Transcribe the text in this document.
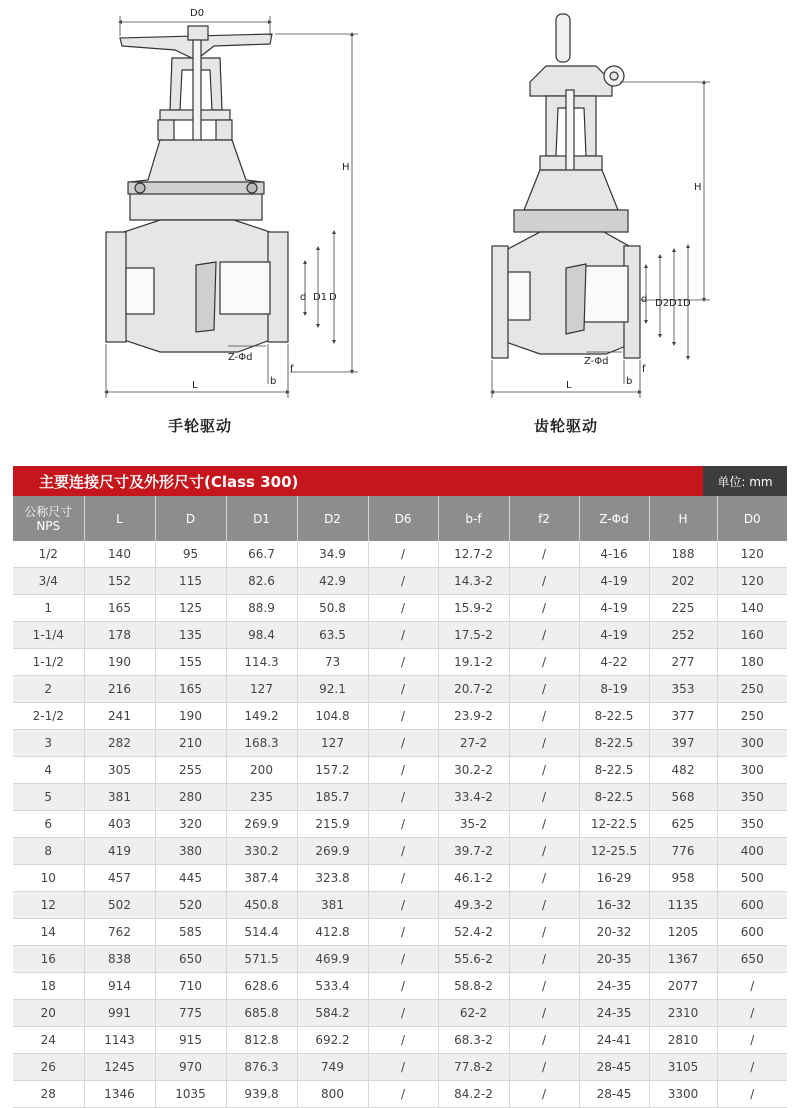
D0
H
d D1 D
L	b
f
Z-Φd
H
d D2 D1 D
L	b
f
Z-Φd
手轮驱动	齿轮驱动
主要连接尺寸及外形尺寸(Class 300)	单位: mm
公称尺寸
NPS	L	D	D1	D2	D6	b-f	f2	Z-Φd	H	D0
1/2	140	95	66.7	34.9	/	12.7-2	/	4-16	188	120
3/4	152	115	82.6	42.9	/	14.3-2	/	4-19	202	120
1	165	125	88.9	50.8	/	15.9-2	/	4-19	225	140
1-1/4	178	135	98.4	63.5	/	17.5-2	/	4-19	252	160
1-1/2	190	155	114.3	73	/	19.1-2	/	4-22	277	180
2	216	165	127	92.1	/	20.7-2	/	8-19	353	250
2-1/2	241	190	149.2	104.8	/	23.9-2	/	8-22.5	377	250
3	282	210	168.3	127	/	27-2	/	8-22.5	397	300
4	305	255	200	157.2	/	30.2-2	/	8-22.5	482	300
5	381	280	235	185.7	/	33.4-2	/	8-22.5	568	350
6	403	320	269.9	215.9	/	35-2	/	12-22.5	625	350
8	419	380	330.2	269.9	/	39.7-2	/	12-25.5	776	400
10	457	445	387.4	323.8	/	46.1-2	/	16-29	958	500
12	502	520	450.8	381	/	49.3-2	/	16-32	1135	600
14	762	585	514.4	412.8	/	52.4-2	/	20-32	1205	600
16	838	650	571.5	469.9	/	55.6-2	/	20-35	1367	650
18	914	710	628.6	533.4	/	58.8-2	/	24-35	2077	/
20	991	775	685.8	584.2	/	62-2	/	24-35	2310	/
24	1143	915	812.8	692.2	/	68.3-2	/	24-41	2810	/
26	1245	970	876.3	749	/	77.8-2	/	28-45	3105	/
28	1346	1035	939.8	800	/	84.2-2	/	28-45	3300	/
